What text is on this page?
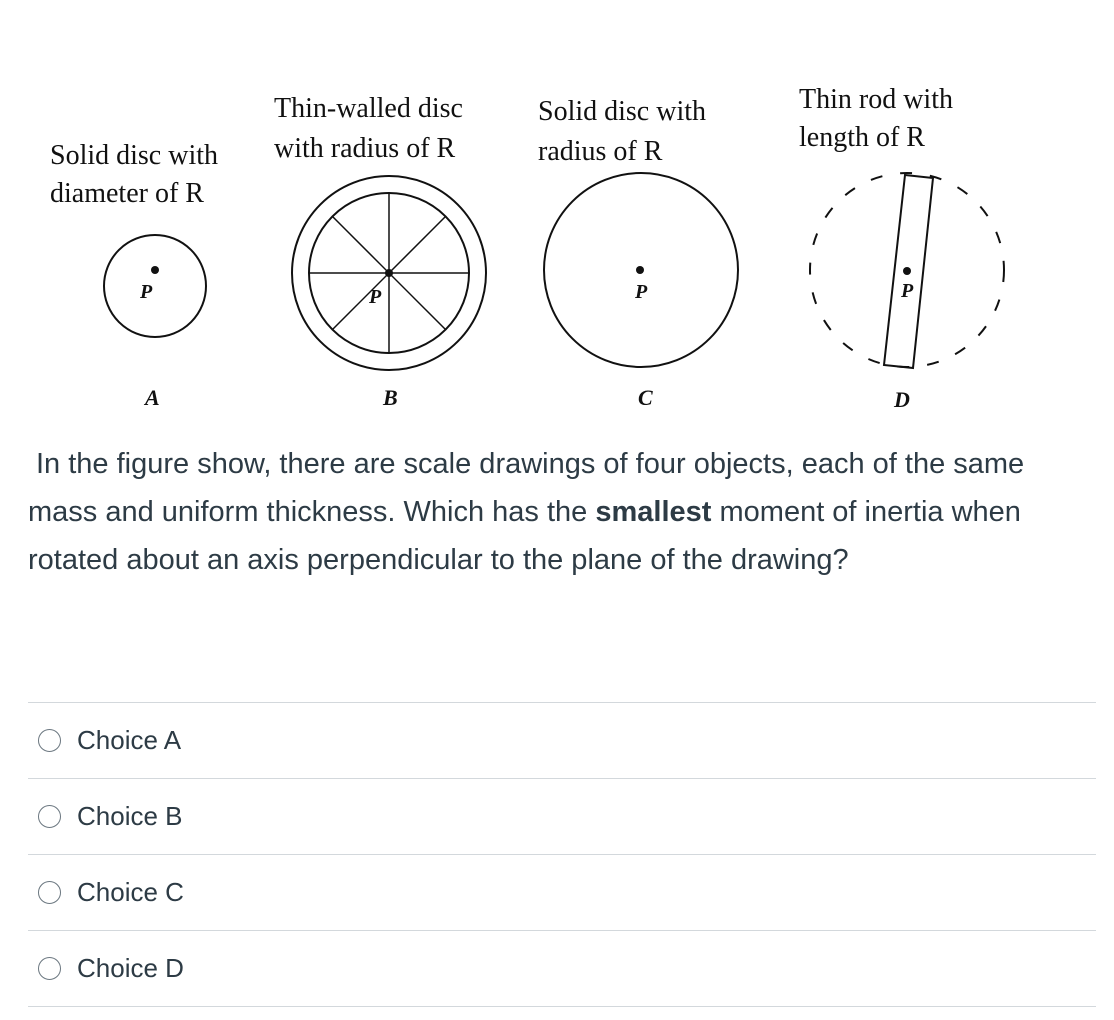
Solid disc with
diameter of R
Thin-walled disc
with radius of R
Solid disc with
radius of R
Thin rod with
length of R
P	P	P	P
A	B	C	D
In the figure show, there are scale drawings of four objects, each of the same mass and uniform thickness. Which has the smallest moment of inertia when rotated about an axis perpendicular to the plane of the drawing?
Choice A
Choice B
Choice C
Choice D
